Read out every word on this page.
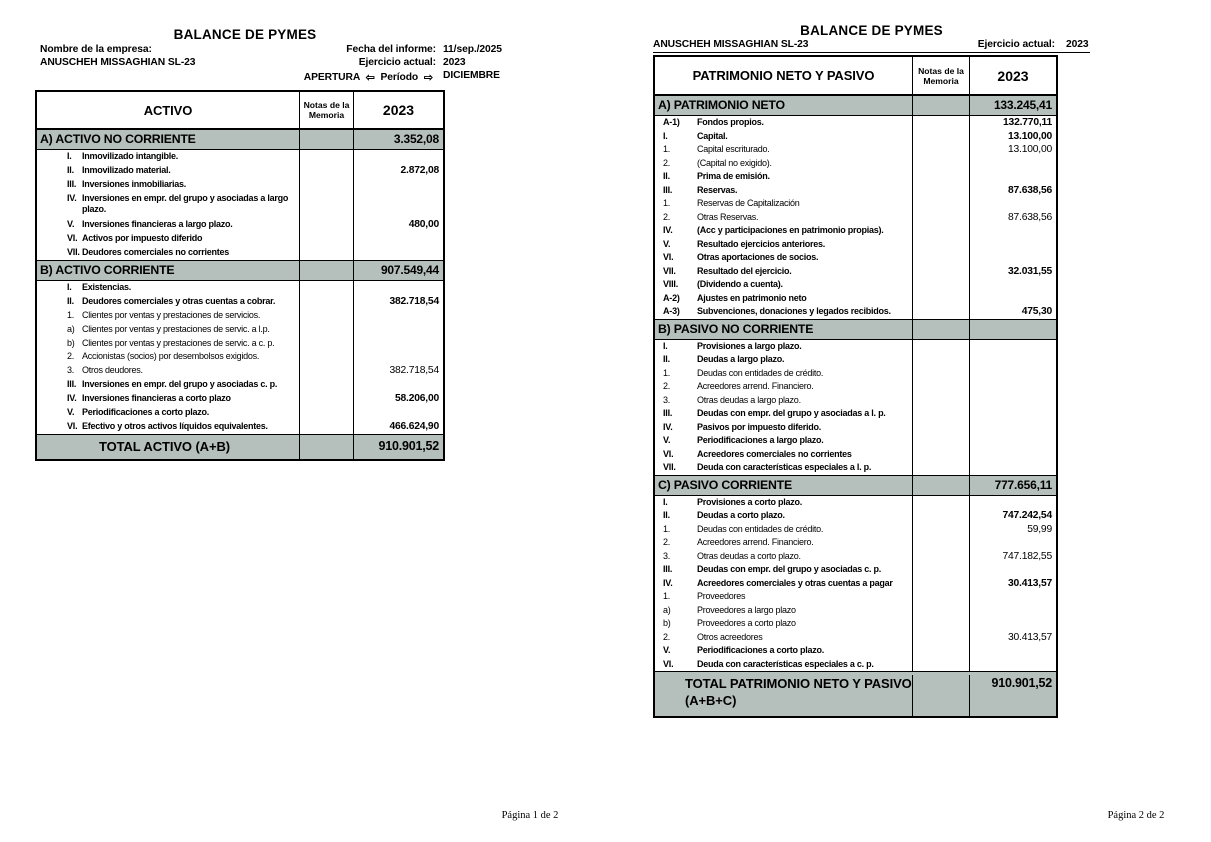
BALANCE DE PYMES
Nombre de la empresa:
ANUSCHEH MISSAGHIAN SL-23
Fecha del informe: 11/sep./2025
Ejercicio actual: 2023
APERTURA ⇦ Período ⇨ DICIEMBRE
ACTIVO	Notas de la Memoria	2023
A) ACTIVO NO CORRIENTE	3.352,08
I.	Inmovilizado intangible.
II. Inmovilizado material.	2.872,08
III. Inversiones inmobiliarias.
IV. Inversiones en empr. del grupo y asociadas a largo plazo.
V. Inversiones financieras a largo plazo.	480,00
VI. Activos por impuesto diferido
VII. Deudores comerciales no corrientes
B) ACTIVO CORRIENTE	907.549,44
I.	Existencias.
II. Deudores comerciales y otras cuentas a cobrar.	382.718,54
1. Clientes por ventas y prestaciones de servicios.
a) Clientes por ventas y prestaciones de servic. a l.p.
b) Clientes por ventas y prestaciones de servic. a c. p.
2. Accionistas (socios) por desembolsos exigidos.
3. Otros deudores.	382.718,54
III. Inversiones en empr. del grupo y asociadas c. p.
IV. Inversiones financieras a corto plazo	58.206,00
V. Periodificaciones a corto plazo.
VI. Efectivo y otros activos líquidos equivalentes.	466.624,90
TOTAL ACTIVO (A+B)	910.901,52
Página 1 de 2
BALANCE DE PYMES
ANUSCHEH MISSAGHIAN SL-23	Ejercicio actual: 2023
PATRIMONIO NETO Y PASIVO	Notas de la Memoria	2023
A) PATRIMONIO NETO	133.245,41
A-1)	Fondos propios.	132.770,11
I.	Capital.	13.100,00
1.	Capital escriturado.	13.100,00
2.	(Capital no exigido).
II.	Prima de emisión.
III.	Reservas.	87.638,56
1.	Reservas de Capitalización
2.	Otras Reservas.	87.638,56
IV.	(Acc y participaciones en patrimonio propias).
V.	Resultado ejercicios anteriores.
VI.	Otras aportaciones de socios.
VII.	Resultado del ejercicio.	32.031,55
VIII.	(Dividendo a cuenta).
A-2)	Ajustes en patrimonio neto
A-3)	Subvenciones, donaciones y legados recibidos.	475,30
B) PASIVO NO CORRIENTE
I.	Provisiones a largo plazo.
II.	Deudas a largo plazo.
1.	Deudas con entidades de crédito.
2.	Acreedores arrend. Financiero.
3.	Otras deudas a largo plazo.
III.	Deudas con empr. del grupo y asociadas a l. p.
IV.	Pasivos por impuesto diferido.
V.	Periodificaciones a largo plazo.
VI.	Acreedores comerciales no corrientes
VII.	Deuda con características especiales a l. p.
C) PASIVO CORRIENTE	777.656,11
I.	Provisiones a corto plazo.
II.	Deudas a corto plazo.	747.242,54
1.	Deudas con entidades de crédito.	59,99
2.	Acreedores arrend. Financiero.
3.	Otras deudas a corto plazo.	747.182,55
III.	Deudas con empr. del grupo y asociadas c. p.
IV.	Acreedores comerciales y otras cuentas a pagar	30.413,57
1.	Proveedores
a)	Proveedores a largo plazo
b)	Proveedores a corto plazo
2.	Otros acreedores	30.413,57
V.	Periodificaciones a corto plazo.
VI.	Deuda con características especiales a c. p.
TOTAL PATRIMONIO NETO Y PASIVO (A+B+C)
910.901,52
Página 2 de 2
